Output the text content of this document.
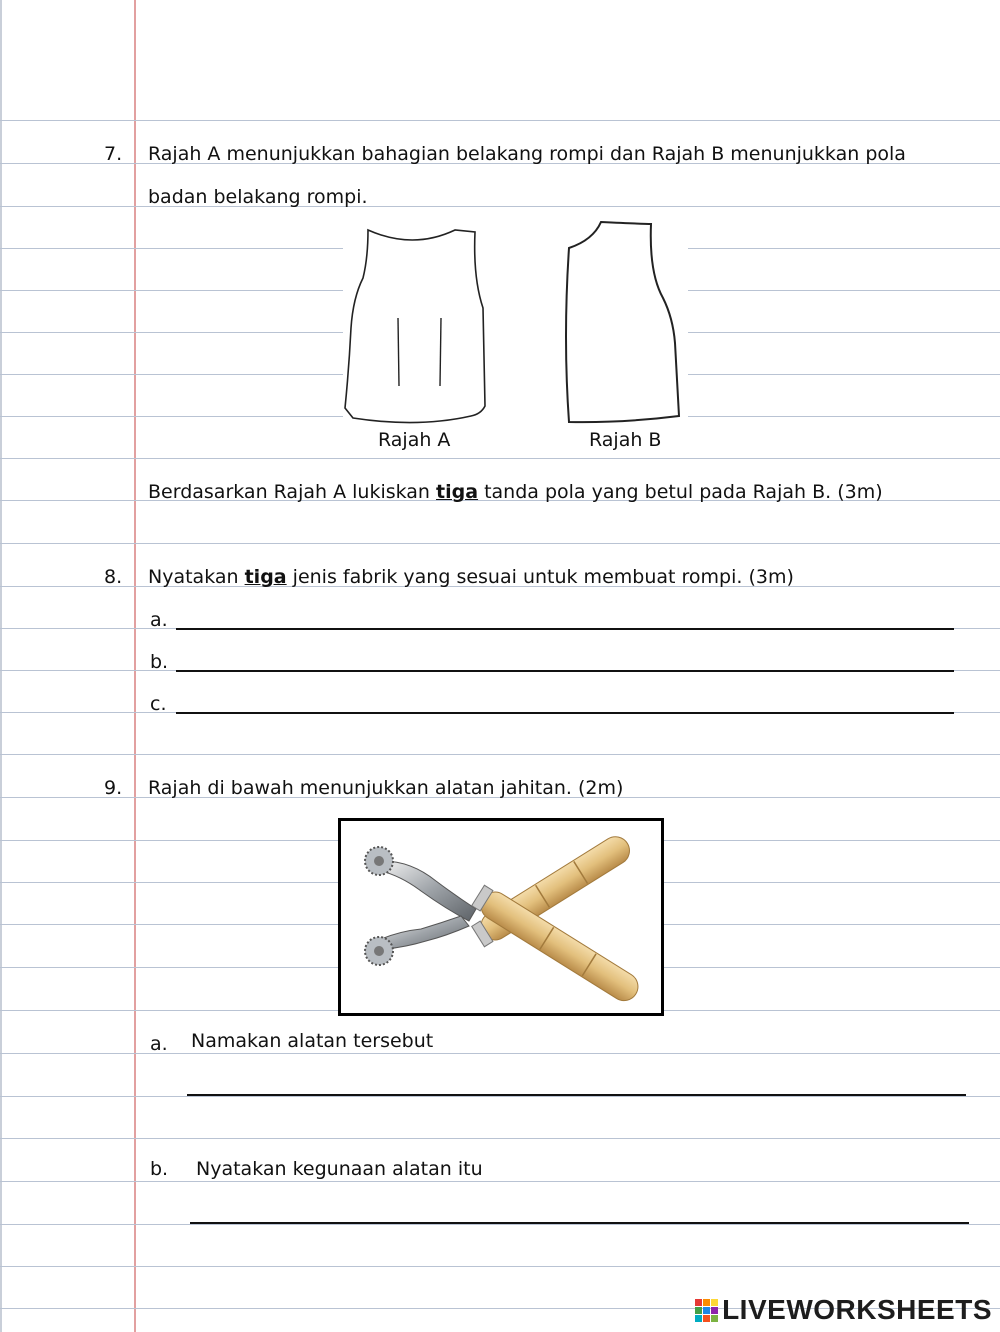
7. Rajah A menunjukkan bahagian belakang rompi dan Rajah B menunjukkan pola
badan belakang rompi.
Rajah A	Rajah B
Berdasarkan Rajah A lukiskan tiga tanda pola yang betul pada Rajah B. (3m)
8. Nyatakan tiga jenis fabrik yang sesuai untuk membuat rompi. (3m)
a.
b.
c.
9. Rajah di bawah menunjukkan alatan jahitan. (2m)
a. Namakan alatan tersebut
b. Nyatakan kegunaan alatan itu
LIVEWORKSHEETS
